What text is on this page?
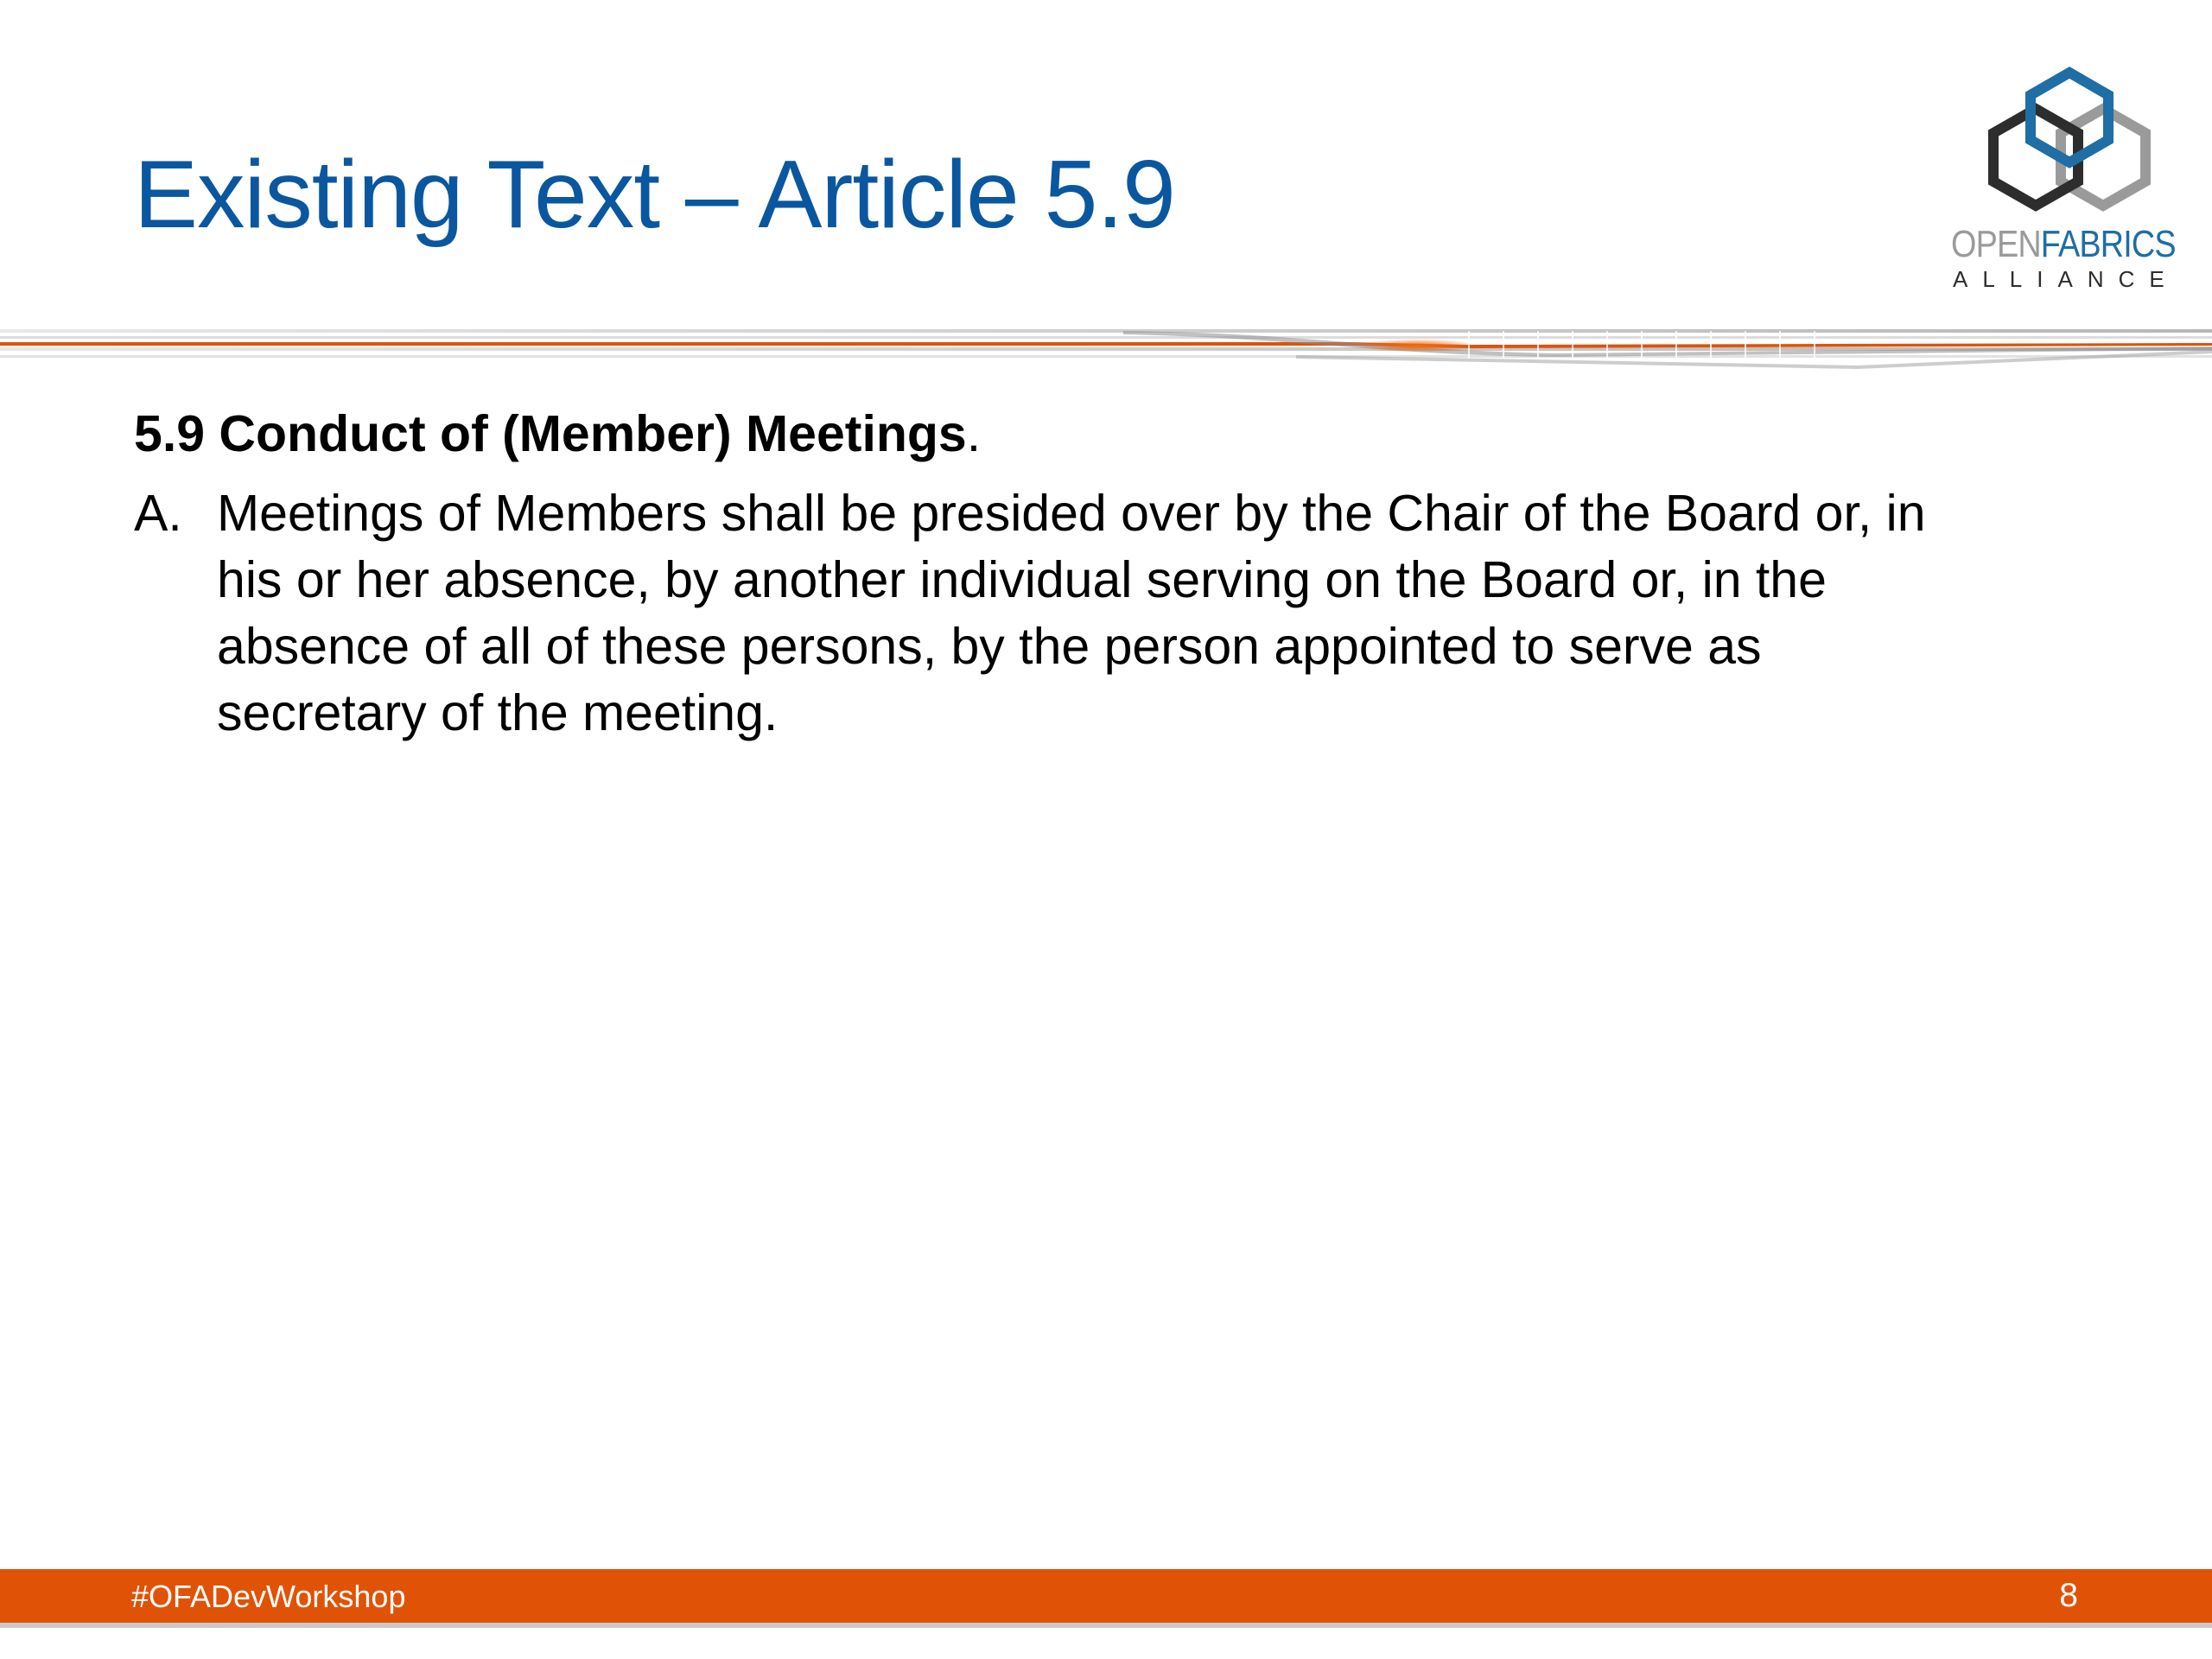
Existing Text – Article 5.9	OPENFABRICS
ALLIANCE

5.9 Conduct of (Member) Meetings.

A. Meetings of Members shall be presided over by the Chair of the Board or, in
his or her absence, by another individual serving on the Board or, in the
absence of all of these persons, by the person appointed to serve as
secretary of the meeting.
#OFADevWorkshop	8
